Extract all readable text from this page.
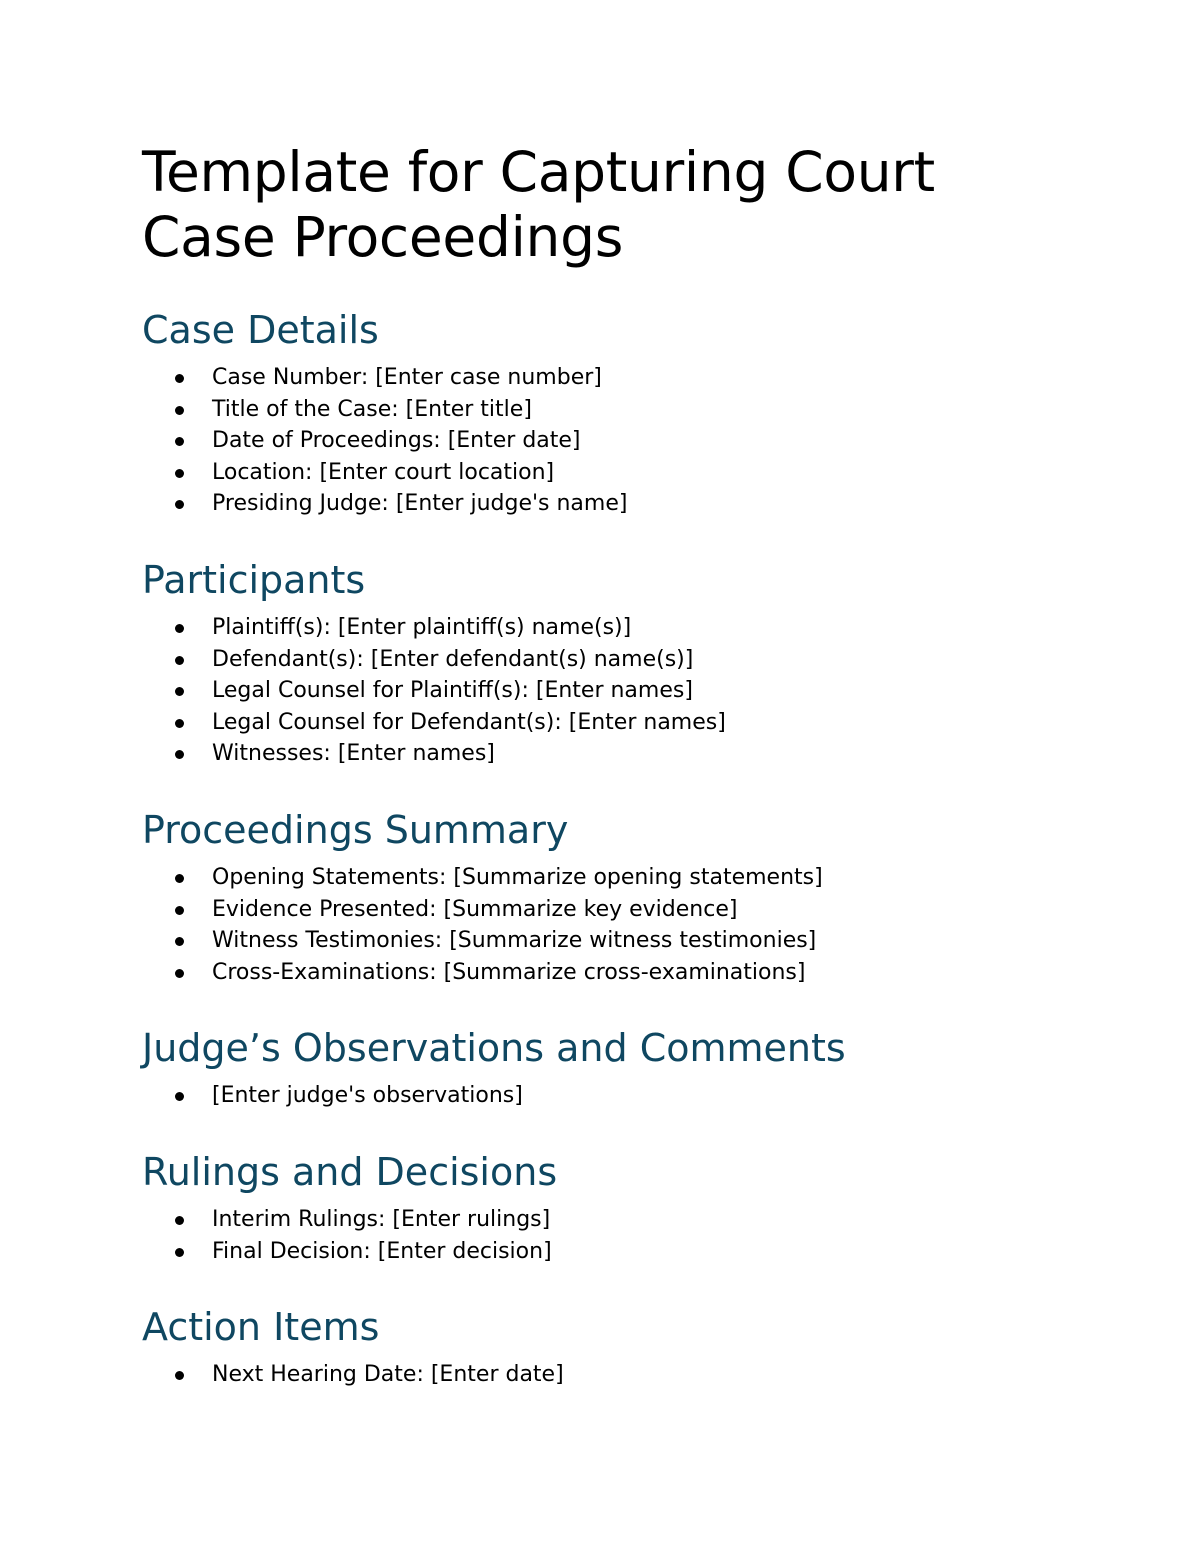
Template for Capturing Court Case Proceedings
Case Details
Case Number: [Enter case number]
Title of the Case: [Enter title]
Date of Proceedings: [Enter date]
Location: [Enter court location]
Presiding Judge: [Enter judge's name]
Participants
Plaintiff(s): [Enter plaintiff(s) name(s)]
Defendant(s): [Enter defendant(s) name(s)]
Legal Counsel for Plaintiff(s): [Enter names]
Legal Counsel for Defendant(s): [Enter names]
Witnesses: [Enter names]
Proceedings Summary
Opening Statements: [Summarize opening statements]
Evidence Presented: [Summarize key evidence]
Witness Testimonies: [Summarize witness testimonies]
Cross-Examinations: [Summarize cross-examinations]
Judge’s Observations and Comments
[Enter judge's observations]
Rulings and Decisions
Interim Rulings: [Enter rulings]
Final Decision: [Enter decision]
Action Items
Next Hearing Date: [Enter date]
